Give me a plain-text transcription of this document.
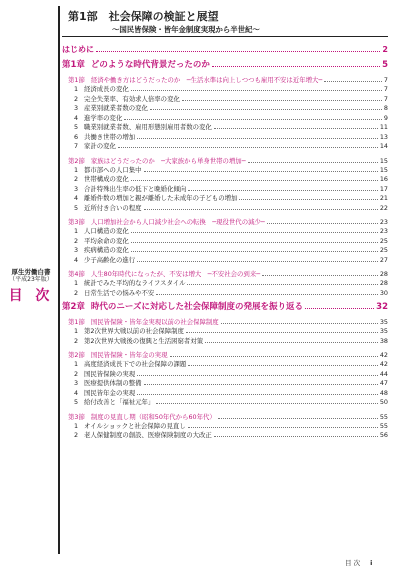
厚生労働白書
（平成23年版）
目 次
第1部　社会保障の検証と展望
〜国民皆保険・皆年金制度実現から半世紀〜
はじめに	2
第1章 どのような時代背景だったのか	5
第1節 経済や働き方はどうだったのか　─生活水準は向上しつつも雇用不安は近年増大─	7
1 経済成長の変化	7
2 完全失業率、有効求人倍率の変化	7
3 産業別就業者数の変化	8
4 進学率の変化	9
5 職業別就業者数、雇用形態別雇用者数の変化	11
6 共働き世帯の増加	13
7 家計の変化	14
第2節 家族はどうだったのか　─大家族から単身世帯の増加─	15
1 都市部への人口集中	15
2 世帯構成の変化	16
3 合計特殊出生率の低下と晩婚化傾向	17
4 離婚件数の増加と親が離婚した未成年の子どもの増加	21
5 近所付き合いの程度	22
第3節 人口増加社会から人口減少社会への転換　─現役世代の減少─	23
1 人口構造の変化	23
2 平均余命の変化	25
3 疾病構造の変化	25
4 少子高齢化の進行	27
第4節 人生80年時代になったが、不安は増大　─不安社会の到来─	28
1 統計でみた平均的なライフスタイル	28
2 日常生活での悩みや不安	30
第2章 時代のニーズに対応した社会保障制度の発展を振り返る	32
第1節 国民皆保険・皆年金実現以前の社会保障制度	35
1 第2次世界大戦以前の社会保障制度	35
2 第2次世界大戦後の復興と生活困窮者対策	38
第2節 国民皆保険・皆年金の実現	42
1 高度経済成長下での社会保障の課題	42
2 国民皆保険の実現	44
3 医療提供体制の整備	47
4 国民皆年金の実現	48
5 給付改善と「福祉元年」	50
第3節 制度の見直し期（昭和50年代から60年代）	55
1 オイルショックと社会保障の見直し	55
2 老人保健制度の創設、医療保険制度の大改正	56
目 次 i
